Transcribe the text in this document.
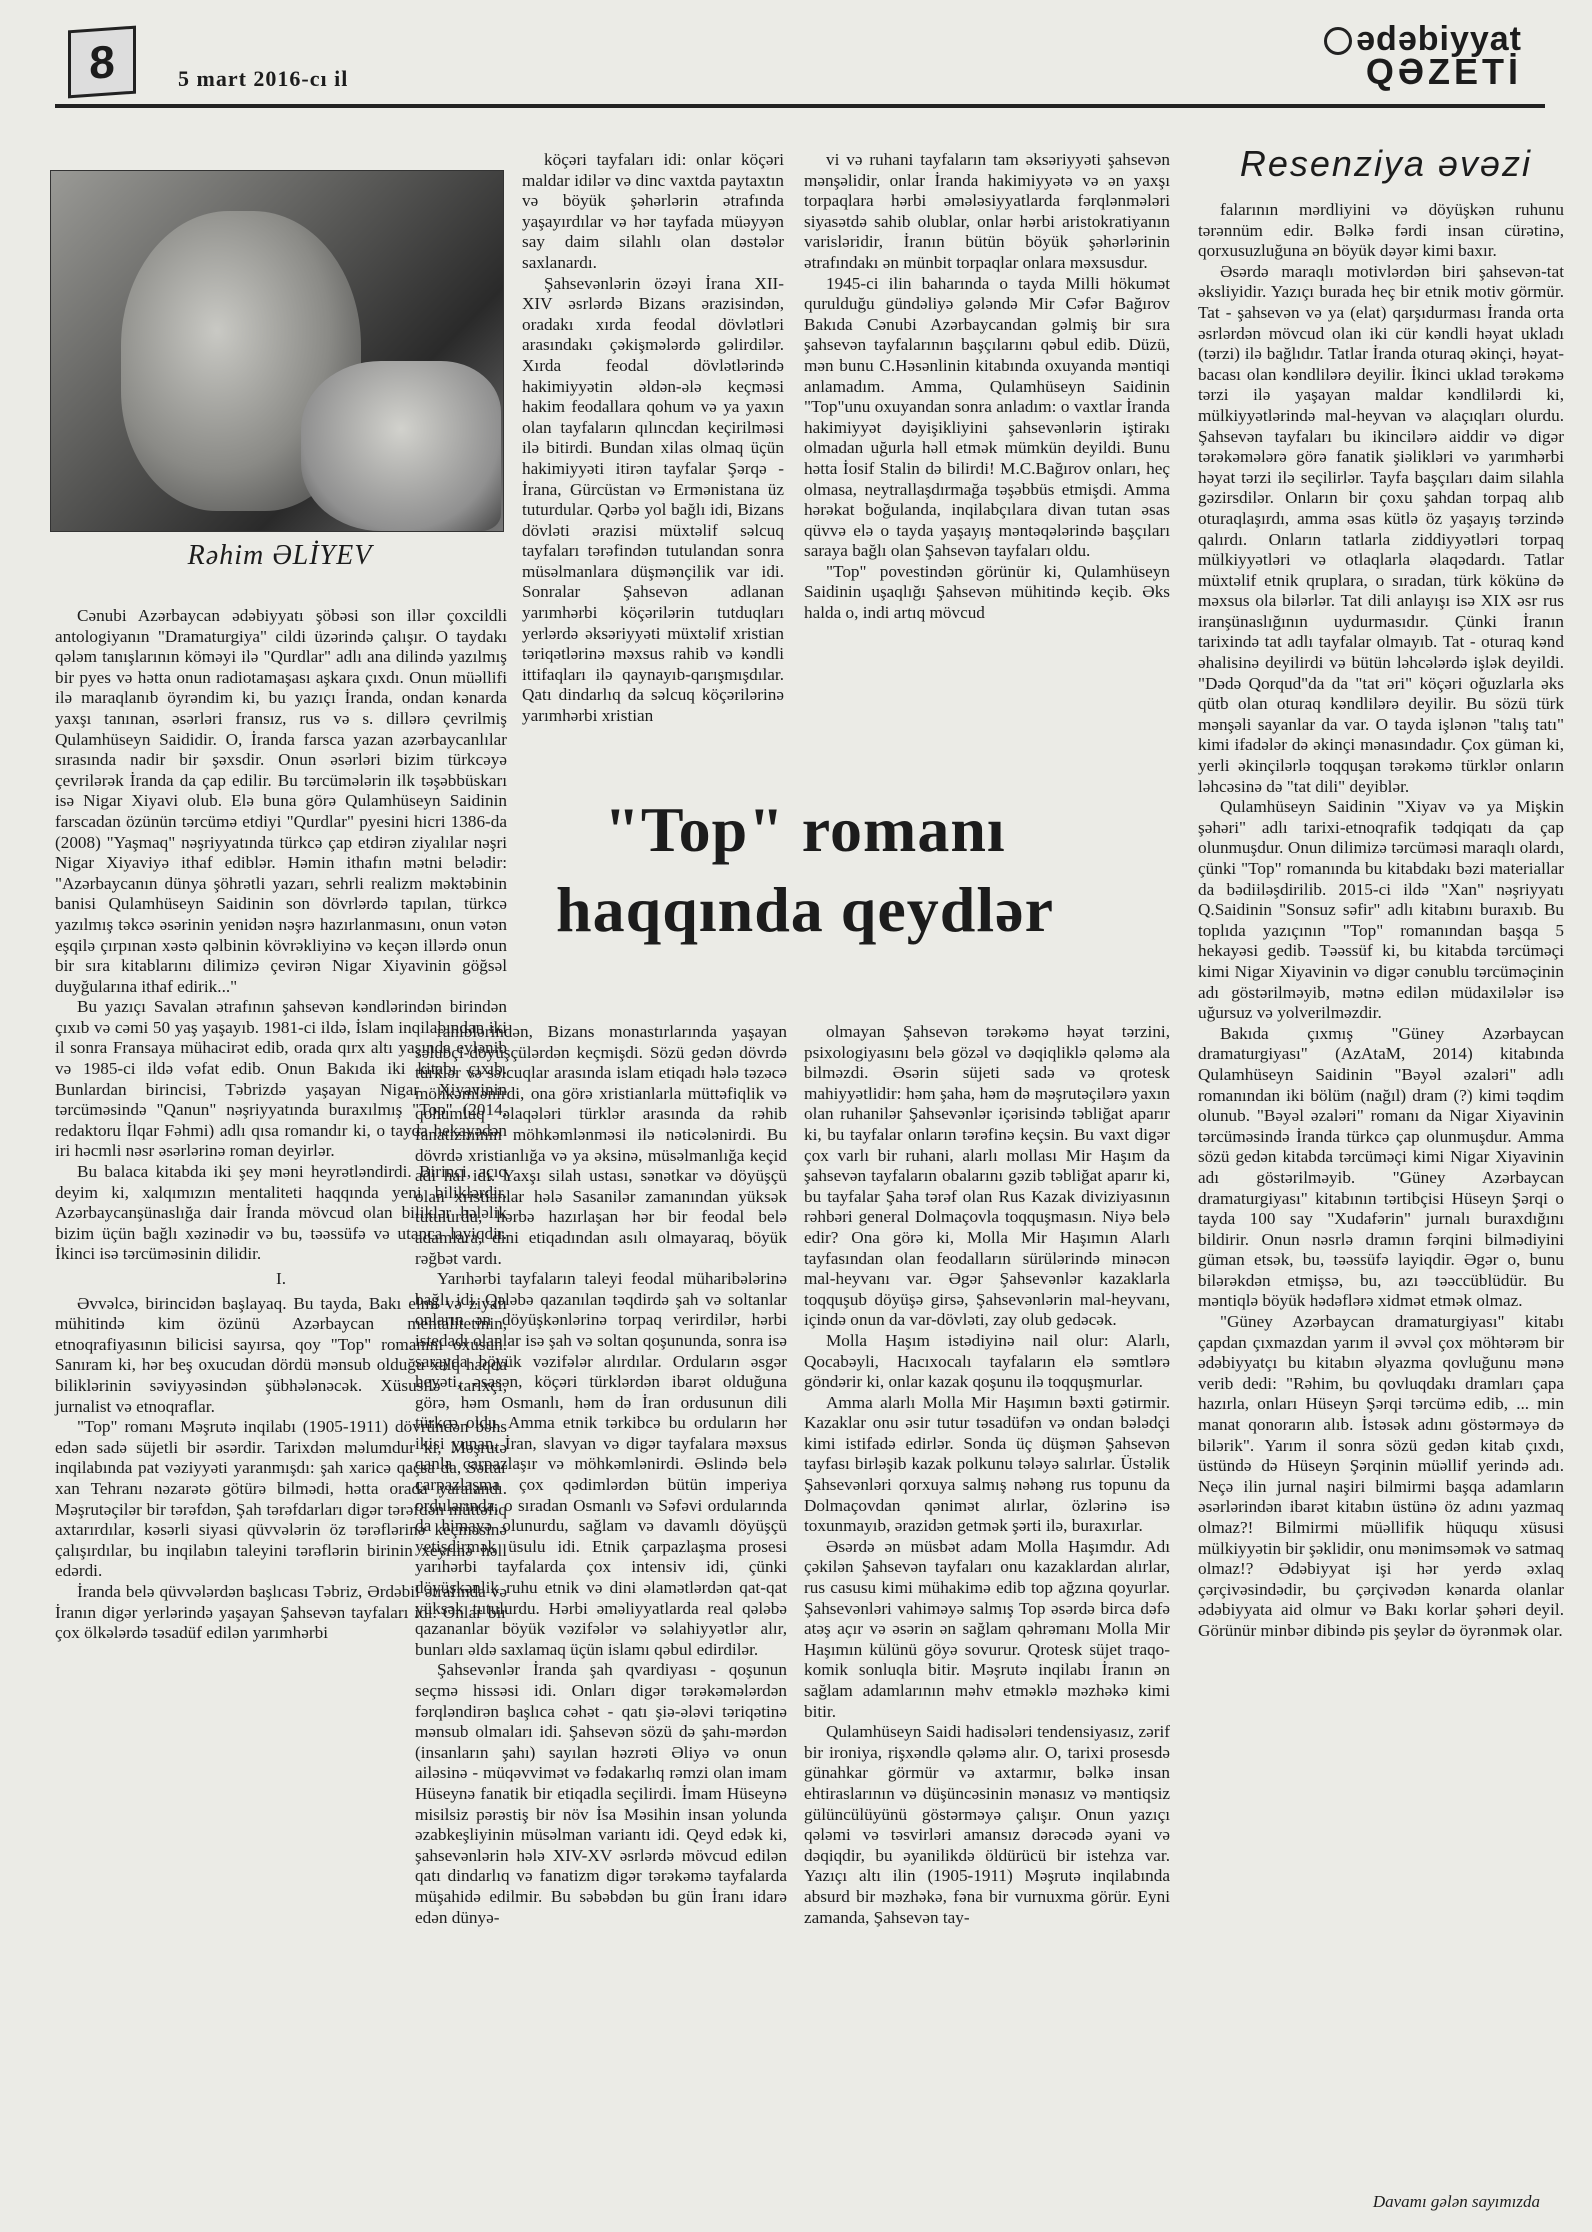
8	5 mart 2016-cı il
ədəbiyyat
QƏZETİ
Resenziya əvəzi
Rəhim ƏLİYEV

Cənubi Azərbaycan ədəbiyyatı şöbəsi son illər çoxcildli antologiyanın "Dramaturgiya" cildi üzərində çalışır. O taydakı qələm tanışlarının köməyi ilə "Qurdlar" adlı ana dilində yazılmış bir pyes və hətta onun radiotamaşası aşkara çıxdı. Onun müəllifi ilə maraqlanıb öyrəndim ki, bu yazıçı İranda, ondan kənarda yaxşı tanınan, əsərləri fransız, rus və s. dillərə çevrilmiş Qulamhüseyn Saididir. O, İranda farsca yazan azərbaycanlılar sırasında nadir bir şəxsdir. Onun əsərləri bizim türkcəyə çevrilərək İranda da çap edilir. Bu tərcümələrin ilk təşəbbüskarı isə Nigar Xiyavi olub. Elə buna görə Qulamhüseyn Saidinin farscadan özünün tərcümə etdiyi "Qurdlar" pyesini hicri 1386-da (2008) "Yaşmaq" nəşriyyatında türkcə çap etdirən ziyalılar nəşri Nigar Xiyaviyə ithaf ediblər. Həmin ithafın mətni belədir: "Azərbaycanın dünya şöhrətli yazarı, sehrli realizm məktəbinin banisi Qulamhüseyn Saidinin son dövrlərdə tapılan, türkcə yazılmış təkcə əsərinin yenidən nəşrə hazırlanmasını, onun vətən eşqilə çırpınan xəstə qəlbinin kövrəkliyinə və keçən illərdə onun bir sıra kitablarını dilimizə çevirən Nigar Xiyavinin göğsəl duyğularına ithaf edirik..."

Bu yazıçı Savalan ətrafının şahsevən kəndlərindən birindən çıxıb və cəmi 50 yaş yaşayıb. 1981-ci ildə, İslam inqilabından iki il sonra Fransaya mühacirət edib, orada qırx altı yaşında evlənib və 1985-ci ildə vəfat edib. Onun Bakıda iki kitabı çıxıb. Bunlardan birincisi, Təbrizdə yaşayan Nigar Xiyavinin tərcüməsində "Qanun" nəşriyyatında buraxılmış "Top" (2014, redaktoru İlqar Fəhmi) adlı qısa romandır ki, o tayda hekayədən iri həcmli nəsr əsərlərinə roman deyirlər.

Bu balaca kitabda iki şey məni heyrətləndirdi. Birinci, açıq deyim ki, xalqımızın mentaliteti haqqında yeni biliklərdir. Azərbaycanşünaslığa dair İranda mövcud olan biliklər hələlik bizim üçün bağlı xəzinədir və bu, təəssüfə və utanca layiqdir. İkinci isə tərcüməsinin dilidir.

I.

Əvvəlcə, birincidən başlayaq. Bu tayda, Bakı elmi və ziyalı mühitində kim özünü Azərbaycan mentalitetinin, etnoqrafiyasının bilicisi sayırsa, qoy "Top" romanını oxusun. Sanıram ki, hər beş oxucudan dördü mənsub olduğu xalq haqda biliklərinin səviyyəsindən şübhələnəcək. Xüsusilə tarixçi, jurnalist və etnoqraflar.

"Top" romanı Məşrutə inqilabı (1905-1911) dövründən bəhs edən sadə süjetli bir əsərdir. Tarixdən məlumdur ki, Məşrutə inqilabında pat vəziyyəti yaranmışdı: şah xaricə qaçsa da, Səttar xan Tehranı nəzarətə götürə bilmədi, hətta orada yaralandı. Məşrutəçilər bir tərəfdən, Şah tərəfdarları digər tərəfdən müttəfiq axtarırdılar, kəsərli siyasi qüvvələrin öz tərəflərinə keçməsinə çalışırdılar, bu inqilabın taleyini tərəflərin birinin xeyrinə həll edərdi.

İranda belə qüvvələrdən başlıcası Təbriz, Ərdəbil ətrafında və İranın digər yerlərində yaşayan Şahsevən tayfaları idi. Onlar bir çox ölkələrdə təsadüf edilən yarımhərbi

köçəri tayfaları idi: onlar köçəri maldar idilər və dinc vaxtda paytaxtın və böyük şəhərlərin ətrafında yaşayırdılar və hər tayfada müəyyən say daim silahlı olan dəstələr saxlanardı.

Şahsevənlərin özəyi İrana XII-XIV əsrlərdə Bizans ərazisindən, oradakı xırda feodal dövlətləri arasındakı çəkişmələrdə gəlirdilər. Xırda feodal dövlətlərində hakimiyyətin əldən-ələ keçməsi hakim feodallara qohum və ya yaxın olan tayfaların qılıncdan keçirilməsi ilə bitirdi. Bundan xilas olmaq üçün hakimiyyəti itirən tayfalar Şərqə - İrana, Gürcüstan və Ermənistana üz tuturdular. Qərbə yol bağlı idi, Bizans dövləti ərazisi müxtəlif səlcuq tayfaları tərəfindən tutulandan sonra müsəlmanlara düşmənçilik var idi. Sonralar Şahsevən adlanan yarımhərbi köçərilərin tutduqları yerlərdə əksəriyyəti müxtəlif xristian təriqətlərinə məxsus rahib və kəndli ittifaqları ilə qaynayıb-qarışmışdılar. Qatı dindarlıq da səlcuq köçərilərinə yarımhərbi xristian

vi və ruhani tayfaların tam əksəriyyəti şahsevən mənşəlidir, onlar İranda hakimiyyətə və ən yaxşı torpaqlara hərbi əmələsiyyatlarda fərqlənmələri siyasətdə sahib olublar, onlar hərbi aristokratiyanın varisləridir, İranın bütün böyük şəhərlərinin ətrafındakı ən münbit torpaqlar onlara məxsusdur.

1945-ci ilin baharında o tayda Milli hökumət qurulduğu gündəliyə gələndə Mir Cəfər Bağırov Bakıda Cənubi Azərbaycandan gəlmiş bir sıra şahsevən tayfalarının başçılarını qəbul edib. Düzü, mən bunu C.Həsənlinin kitabında oxuyanda məntiqi anlamadım. Amma, Qulamhüseyn Saidinin "Top"unu oxuyandan sonra anladım: o vaxtlar İranda hakimiyyət dəyişikliyini şahsevənlərin iştirakı olmadan uğurla həll etmək mümkün deyildi. Bunu hətta İosif Stalin də bilirdi! M.C.Bağırov onları, heç olmasa, neytrallaşdırmağa təşəbbüs etmişdi. Amma hərəkat boğulanda, inqilabçılara divan tutan əsas qüvvə elə o tayda yaşayış məntəqələrində başçıları saraya bağlı olan Şahsevən tayfaları oldu.

"Top" povestindən görünür ki, Qulamhüseyn Saidinin uşaqlığı Şahsevən mühitində keçib. Əks halda o, indi artıq mövcud

"Top" romanı
haqqında qeydlər

rahiblərindən, Bizans monastırlarında yaşayan səlubçi-döyüşçülərdən keçmişdi. Sözü gedən dövrdə türklər və səlcuqlar arasında islam etiqadı hələ təzəcə möhkəmlənirdi, ona görə xristianlarla müttəfiqlik və qohumluq əlaqələri türklər arasında da rəhib fanatizminin möhkəmlənməsi ilə nəticələnirdi. Bu dövrdə xristianlığa və ya əksinə, müsəlmanlığa keçid adi hal idi. Yaxşı silah ustası, sənətkar və döyüşçü olan xristianlar hələ Sasanilər zamanından yüksək tutulurdu, hərbə hazırlaşan hər bir feodal belə adamlara, dini etiqadından asılı olmayaraq, böyük rəğbət vardı.

Yarıhərbi tayfaların taleyi feodal müharibələrinə bağlı idi. Qələbə qazanılan təqdirdə şah və soltanlar onların ən döyüşkənlərinə torpaq verirdilər, hərbi istedadı olanlar isə şah və soltan qoşununda, sonra isə sarayda böyük vəzifələr alırdılar. Orduların əsgər heyəti, əsasən, köçəri türklərdən ibarət olduğuna görə, həm Osmanlı, həm də İran ordusunun dili türkcə oldu. Amma etnik tərkibcə bu orduların hər ikisi yunan, İran, slavyan və digər tayfalara məxsus qanla çarpazlaşır və möhkəmlənirdi. Əslində belə çarpazlaşma çox qədimlərdən bütün imperiya ordularında, o sıradan Osmanlı və Səfəvi ordularında da himayə olunurdu, sağlam və davamlı döyüşçü yetişdirmək üsulu idi. Etnik çarpazlaşma prosesi yarıhərbi tayfalarda çox intensiv idi, çünki döyüşkənlik ruhu etnik və dini əlamətlərdən qat-qat yüksək tutulurdu. Hərbi əməliyyatlarda real qələbə qazananlar böyük vəzifələr və səlahiyyətlər alır, bunları əldə saxlamaq üçün islamı qəbul edirdilər.

Şahsevənlər İranda şah qvardiyası - qoşunun seçmə hissəsi idi. Onları digər tərəkəmələrdən fərqləndirən başlıca cəhət - qatı şiə-ələvi təriqətinə mənsub olmaları idi. Şahsevən sözü də şahı-mərdən (insanların şahı) sayılan həzrəti Əliyə və onun ailəsinə - müqəvvimət və fədakarlıq rəmzi olan imam Hüseynə fanatik bir etiqadla seçilirdi. İmam Hüseynə misilsiz pərəstiş bir növ İsa Məsihin insan yolunda əzabkeşliyinin müsəlman variantı idi. Qeyd edək ki, şahsevənlərin hələ XIV-XV əsrlərdə mövcud edilən qatı dindarlıq və fanatizm digər tərəkəmə tayfalarda müşahidə edilmir. Bu səbəbdən bu gün İranı idarə edən dünyə-

olmayan Şahsevən tərəkəmə həyat tərzini, psixologiyasını belə gözəl və dəqiqliklə qələmə ala bilməzdi. Əsərin süjeti sadə və qrotesk mahiyyətlidir: həm şaha, həm də məşrutəçilərə yaxın olan ruhanilər Şahsevənlər içərisində təbliğat aparır ki, bu tayfalar onların tərəfinə keçsin. Bu vaxt digər çox varlı bir ruhani, alarlı mollası Mir Haşım da şahsevən tayfaların obalarını gəzib təbliğat aparır ki, bu tayfalar Şaha tərəf olan Rus Kazak diviziyasının rəhbəri general Dolmaçovla toqquşmasın. Niyə belə edir? Ona görə ki, Molla Mir Haşımın Alarlı tayfasından olan feodalların sürülərində minəcən mal-heyvanı var. Əgər Şahsevənlər kazaklarla toqquşub döyüşə girsə, Şahsevənlərin mal-heyvanı, içində onun da var-dövləti, zay olub gedəcək.

Molla Haşım istədiyinə nail olur: Alarlı, Qocabəyli, Hacıxocalı tayfaların elə səmtlərə göndərir ki, onlar kazak qoşunu ilə toqquşmurlar.

Amma alarlı Molla Mir Haşımın bəxti gətirmir. Kazaklar onu əsir tutur təsadüfən və ondan bələdçi kimi istifadə edirlər. Sonda üç düşmən Şahsevən tayfası birləşib kazak polkunu tələyə salırlar. Üstəlik Şahsevənləri qorxuya salmış nəhəng rus topunu da Dolmaçovdan qənimət alırlar, özlərinə isə toxunmayıb, ərazidən getmək şərti ilə, buraxırlar.

Əsərdə ən müsbət adam Molla Haşımdır. Adı çəkilən Şahsevən tayfaları onu kazaklardan alırlar, rus casusu kimi mühakimə edib top ağzına qoyurlar. Şahsevənləri vahiməyə salmış Top əsərdə birca dəfə atəş açır və əsərin ən sağlam qəhrəmanı Molla Mir Haşımın külünü göyə sovurur. Qrotesk süjet traqo-komik sonluqla bitir. Məşrutə inqilabı İranın ən sağlam adamlarının məhv etməklə məzhəkə kimi bitir.

Qulamhüseyn Saidi hadisələri tendensiyasız, zərif bir ironiya, rişxəndlə qələmə alır. O, tarixi prosesdə günahkar görmür və axtarmır, bəlkə insan ehtiraslarının və düşüncəsinin mənasız və məntiqsiz gülüncülüyünü göstərməyə çalışır. Onun yazıçı qələmi və təsvirləri amansız dərəcədə əyani və dəqiqdir, bu əyanilikdə öldürücü bir istehza var. Yazıçı altı ilin (1905-1911) Məşrutə inqilabında absurd bir məzhəkə, fəna bir vurnuxma görür. Eyni zamanda, Şahsevən tay-

falarının mərdliyini və döyüşkən ruhunu tərənnüm edir. Bəlkə fərdi insan cürətinə, qorxusuzluğuna ən böyük dəyər kimi baxır.

Əsərdə maraqlı motivlərdən biri şahsevən-tat əksliyidir. Yazıçı burada heç bir etnik motiv görmür. Tat - şahsevən və ya (elat) qarşıdurması İranda orta əsrlərdən mövcud olan iki cür kəndli həyat ukladı (tərzi) ilə bağlıdır. Tatlar İranda oturaq əkinçi, həyat-bacası olan kəndlilərə deyilir. İkinci uklad tərəkəmə tərzi ilə yaşayan maldar kəndlilərdi ki, mülkiyyətlərində mal-heyvan və alaçıqları olurdu. Şahsevən tayfaları bu ikincilərə aiddir və digər tərəkəmələrə görə fanatik şiəlikləri və yarımhərbi həyat tərzi ilə seçilirlər. Tayfa başçıları daim silahla gəzirsdilər. Onların bir çoxu şahdan torpaq alıb oturaqlaşırdı, amma əsas kütlə öz yaşayış tərzində qalırdı. Onların tatlarla ziddiyyətləri torpaq mülkiyyətləri və otlaqlarla əlaqədardı. Tatlar müxtəlif etnik qruplara, o sıradan, türk kökünə də məxsus ola bilərlər. Tat dili anlayışı isə XIX əsr rus iranşünaslığının uydurmasıdır. Çünki İranın tarixində tat adlı tayfalar olmayıb. Tat - oturaq kənd əhalisinə deyilirdi və bütün ləhcələrdə işlək deyildi. "Dədə Qorqud"da da "tat əri" köçəri oğuzlarla əks qütb olan oturaq kəndlilərə deyilir. Bu sözü türk mənşəli sayanlar da var. O tayda işlənən "talış tatı" kimi ifadələr də əkinçi mənasındadır. Çox güman ki, yerli əkinçilərlə toqquşan tərəkəmə türklər onların ləhcəsinə də "tat dili" deyiblər.

Qulamhüseyn Saidinin "Xiyav və ya Mişkin şəhəri" adlı tarixi-etnoqrafik tədqiqatı da çap olunmuşdur. Onun dilimizə tərcüməsi maraqlı olardı, çünki "Top" romanında bu kitabdakı bəzi materiallar da bədiiləşdirilib. 2015-ci ildə "Xan" nəşriyyatı Q.Saidinin "Sonsuz səfir" adlı kitabını buraxıb. Bu toplıda yazıçının "Top" romanından başqa 5 hekayəsi gedib. Təəssüf ki, bu kitabda tərcüməçi kimi Nigar Xiyavinin və digər cənublu tərcüməçinin adı göstərilməyib, mətnə edilən müdaxilələr isə uğursuz və yolverilməzdir.

Bakıda çıxmış "Güney Azərbaycan dramaturgiyası" (AzAtaM, 2014) kitabında Qulamhüseyn Saidinin "Bəyəl əzaləri" adlı romanından iki bölüm (nağıl) dram (?) kimi təqdim olunub. "Bəyəl əzaləri" romanı da Nigar Xiyavinin tərcüməsində İranda türkcə çap olunmuşdur. Amma sözü gedən kitabda tərcüməçi kimi Nigar Xiyavinin adı göstərilməyib. "Güney Azərbaycan dramaturgiyası" kitabının tərtibçisi Hüseyn Şərqi o tayda 100 say "Xudafərin" jurnalı buraxdığını bildirir. Onun nəsrlə dramın fərqini bilmədiyini güman etsək, bu, təəssüfə layiqdir. Əgər o, bunu bilərəkdən etmişsə, bu, azı təəccüblüdür. Bu məntiqlə böyük hədəflərə xidmət etmək olmaz.

"Güney Azərbaycan dramaturgiyası" kitabı çapdan çıxmazdan yarım il əvvəl çox möhtərəm bir ədəbiyyatçı bu kitabın əlyazma qovluğunu mənə verib dedi: "Rəhim, bu qovluqdakı dramları çapa hazırla, onları Hüseyn Şərqi tərcümə edib, ... min manat qonorarın alıb. İstəsək adını göstərməyə də bilərik". Yarım il sonra sözü gedən kitab çıxdı, üstündə də Hüseyn Şərqinin müəllif yerində adı. Neçə ilin jurnal naşiri bilmirmi başqa adamların əsərlərindən ibarət kitabın üstünə öz adını yazmaq olmaz?! Bilmirmi müəllifik hüququ xüsusi mülkiyyətin bir şəklidir, onu mənimsəmək və satmaq olmaz!? Ədəbiyyat işi hər yerdə əxlaq çərçivəsindədir, bu çərçivədən kənarda olanlar ədəbiyyata aid olmur və Bakı korlar şəhəri deyil. Görünür minbər dibində pis şeylər də öyrənmək olar.

Davamı gələn sayımızda
